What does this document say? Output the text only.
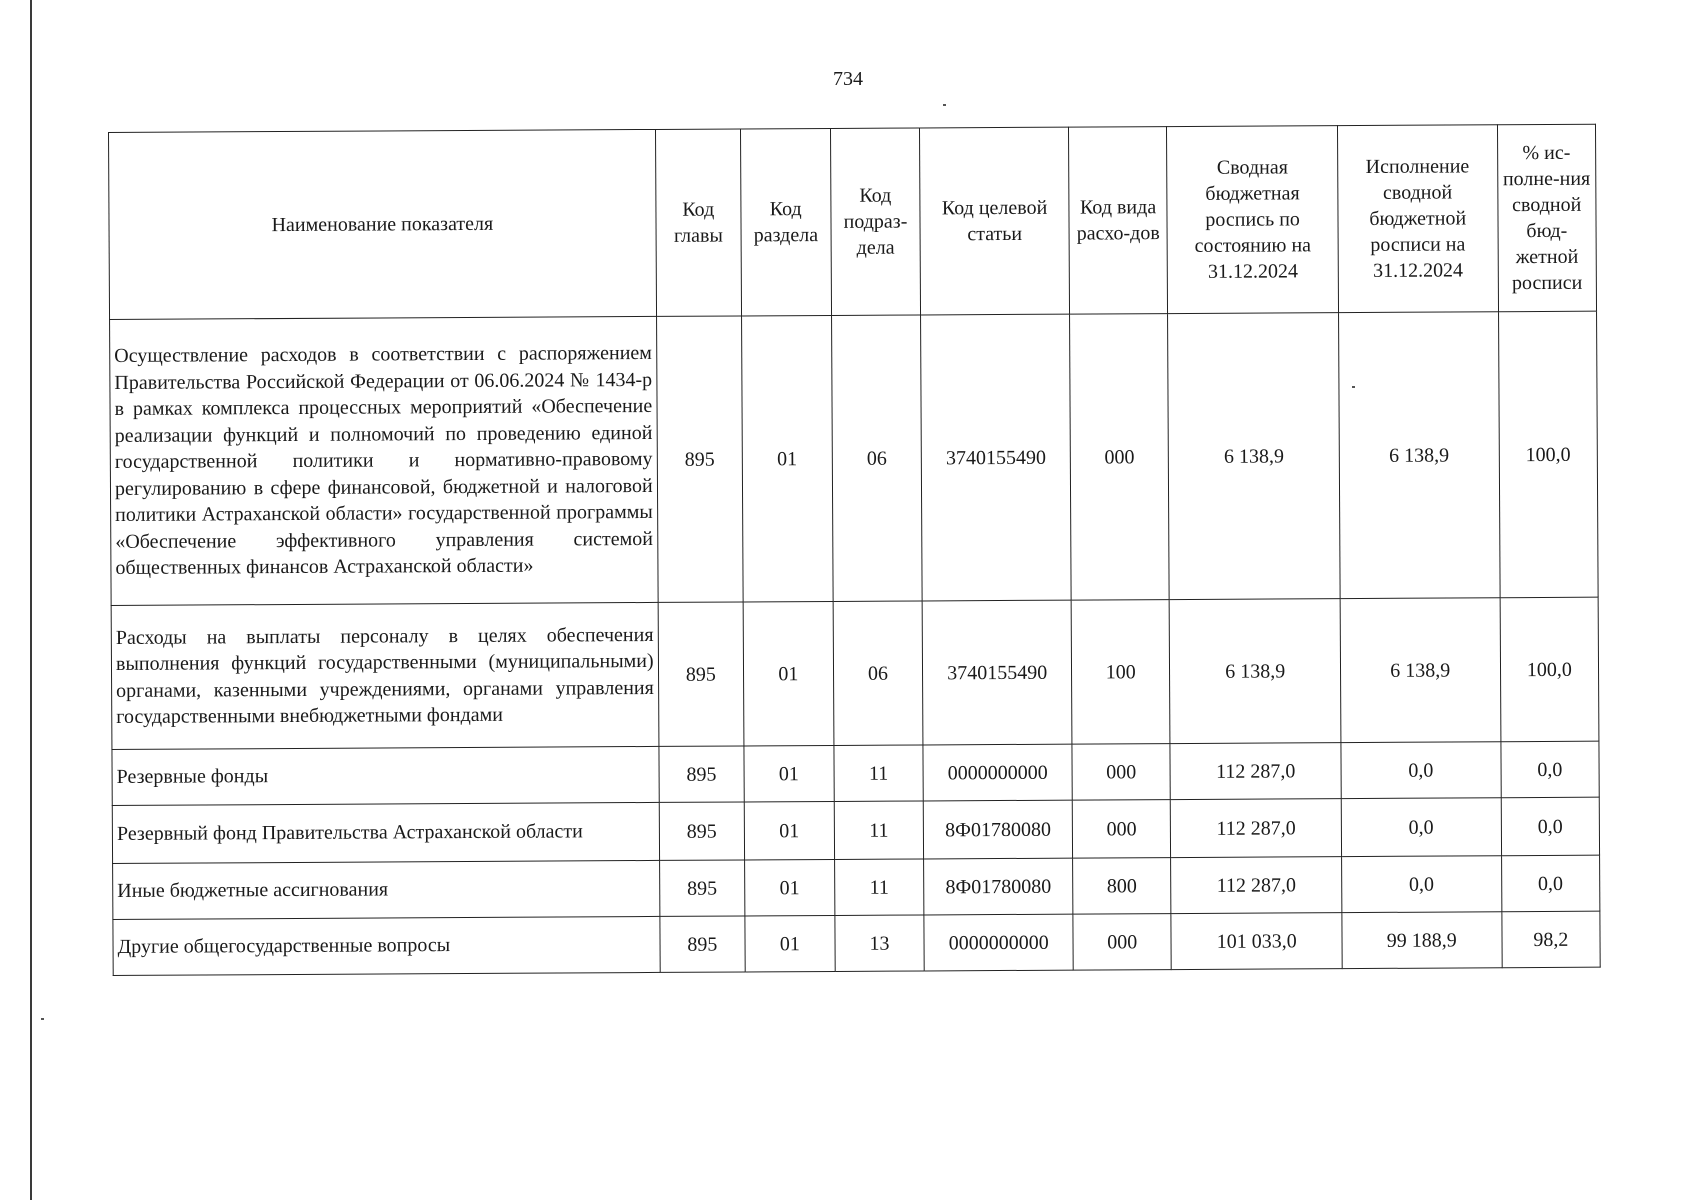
734
Наименование показателя	Код главы	Код раздела	Код подраз-дела	Код целевой статьи	Код вида расхо-дов	Сводная бюджетная роспись по состоянию на 31.12.2024	Исполнение сводной бюджетной росписи на 31.12.2024	% ис-полне-ния сводной бюд-жетной росписи
Осуществление расходов в соответствии с распоряжением Правительства Российской Федерации от 06.06.2024 № 1434-р в рамках комплекса процессных мероприятий «Обеспечение реализации функций и полномочий по проведению единой государственной политики и нормативно-правовому регулированию в сфере финансовой, бюджетной и налоговой политики Астраханской области» государственной программы «Обеспечение эффективного управления системой общественных финансов Астраханской области»	895	01	06	3740155490	000	6 138,9	6 138,9	100,0
Расходы на выплаты персоналу в целях обеспечения выполнения функций государственными (муниципальными) органами, казенными учреждениями, органами управления государственными внебюджетными фондами	895	01	06	3740155490	100	6 138,9	6 138,9	100,0
Резервные фонды	895	01	11	0000000000	000	112 287,0	0,0	0,0
Резервный фонд Правительства Астраханской области	895	01	11	8Ф01780080	000	112 287,0	0,0	0,0
Иные бюджетные ассигнования	895	01	11	8Ф01780080	800	112 287,0	0,0	0,0
Другие общегосударственные вопросы	895	01	13	0000000000	000	101 033,0	99 188,9	98,2
